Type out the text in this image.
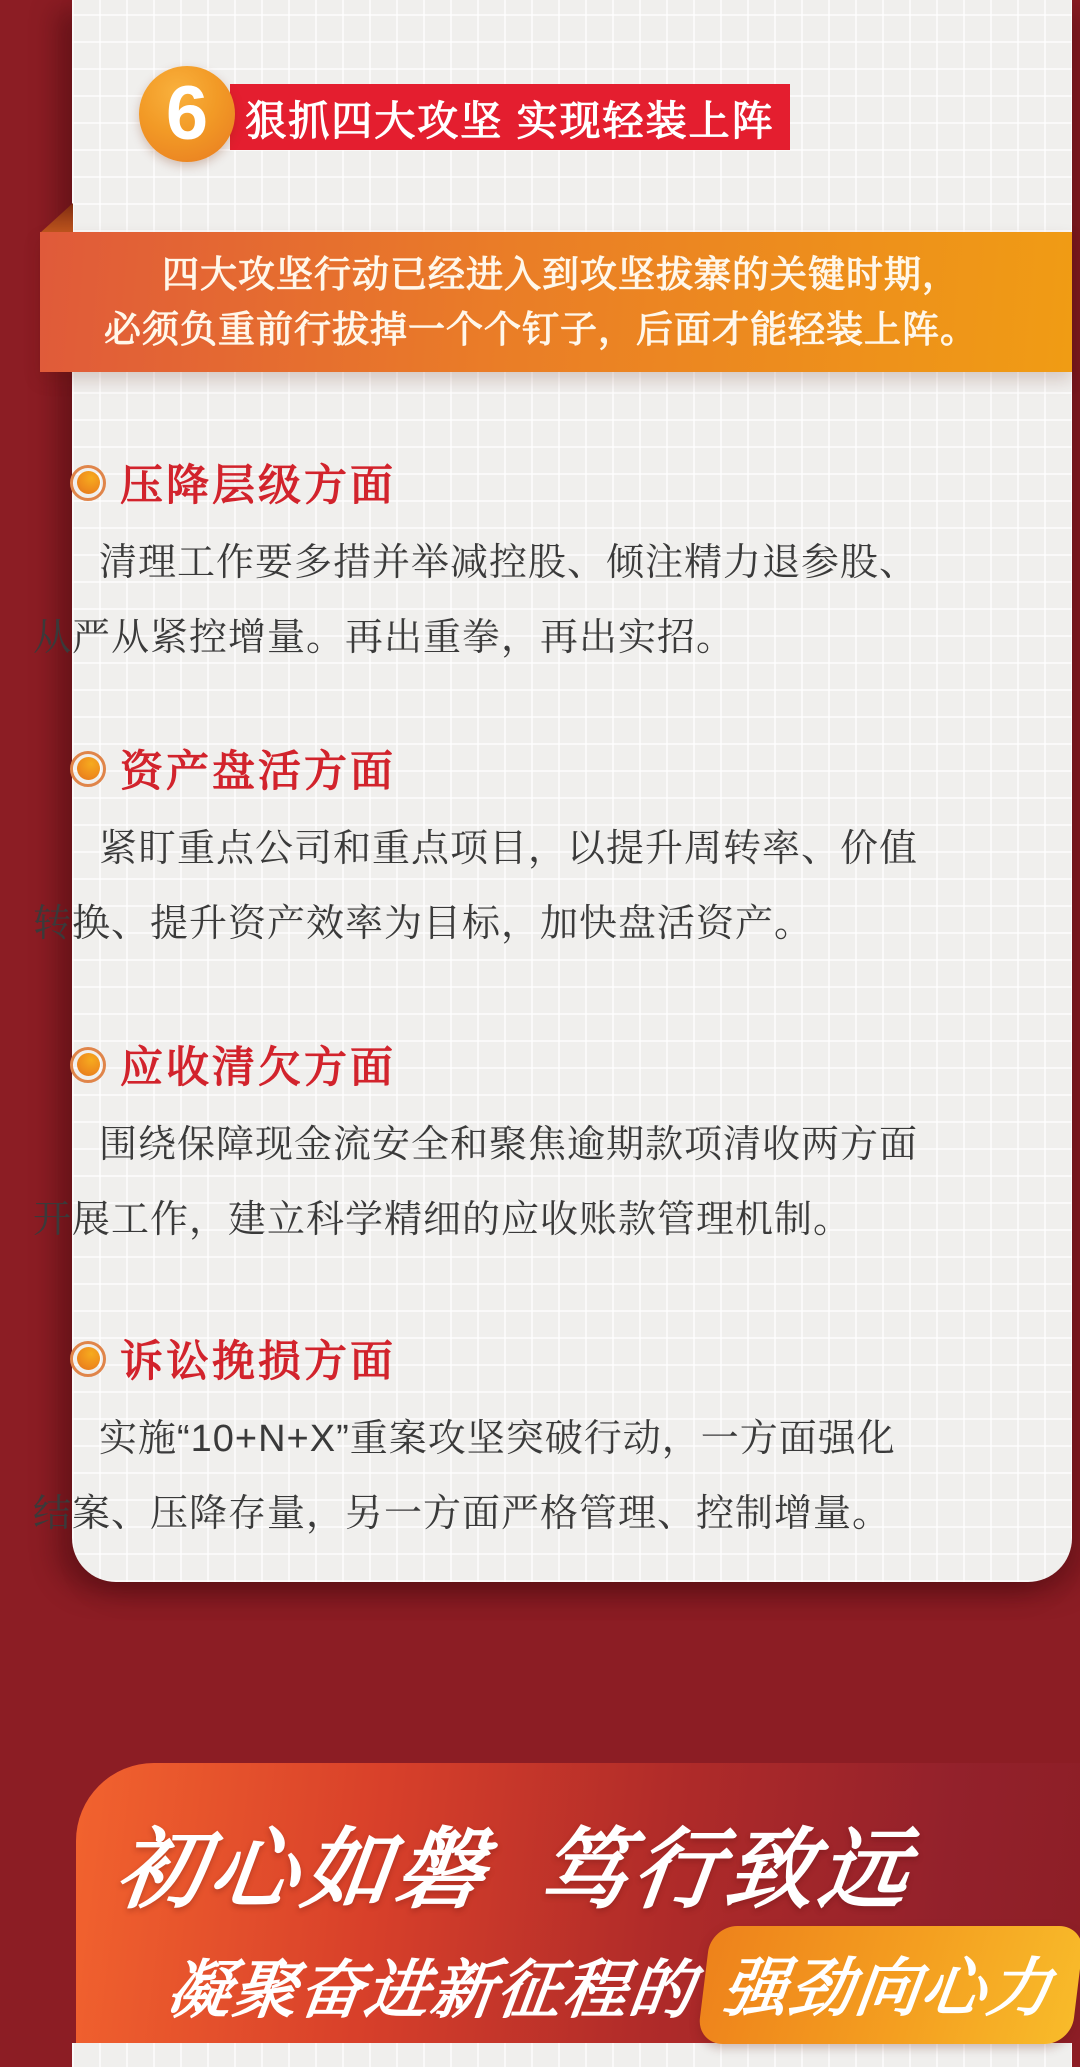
6 狠抓四大攻坚 实现轻装上阵
四大攻坚行动已经进入到攻坚拔寨的关键时期，
必须负重前行拔掉一个个钉子，后面才能轻装上阵。
压降层级方面
清理工作要多措并举减控股、倾注精力退参股、
从严从紧控增量。再出重拳，再出实招。
资产盘活方面
紧盯重点公司和重点项目，以提升周转率、价值
转换、提升资产效率为目标，加快盘活资产。
应收清欠方面
围绕保障现金流安全和聚焦逾期款项清收两方面
开展工作，建立科学精细的应收账款管理机制。
诉讼挽损方面
实施“10+N+X”重案攻坚突破行动，一方面强化
结案、压降存量，另一方面严格管理、控制增量。
初心如磐 笃行致远
凝聚奋进新征程的 强劲向心力
